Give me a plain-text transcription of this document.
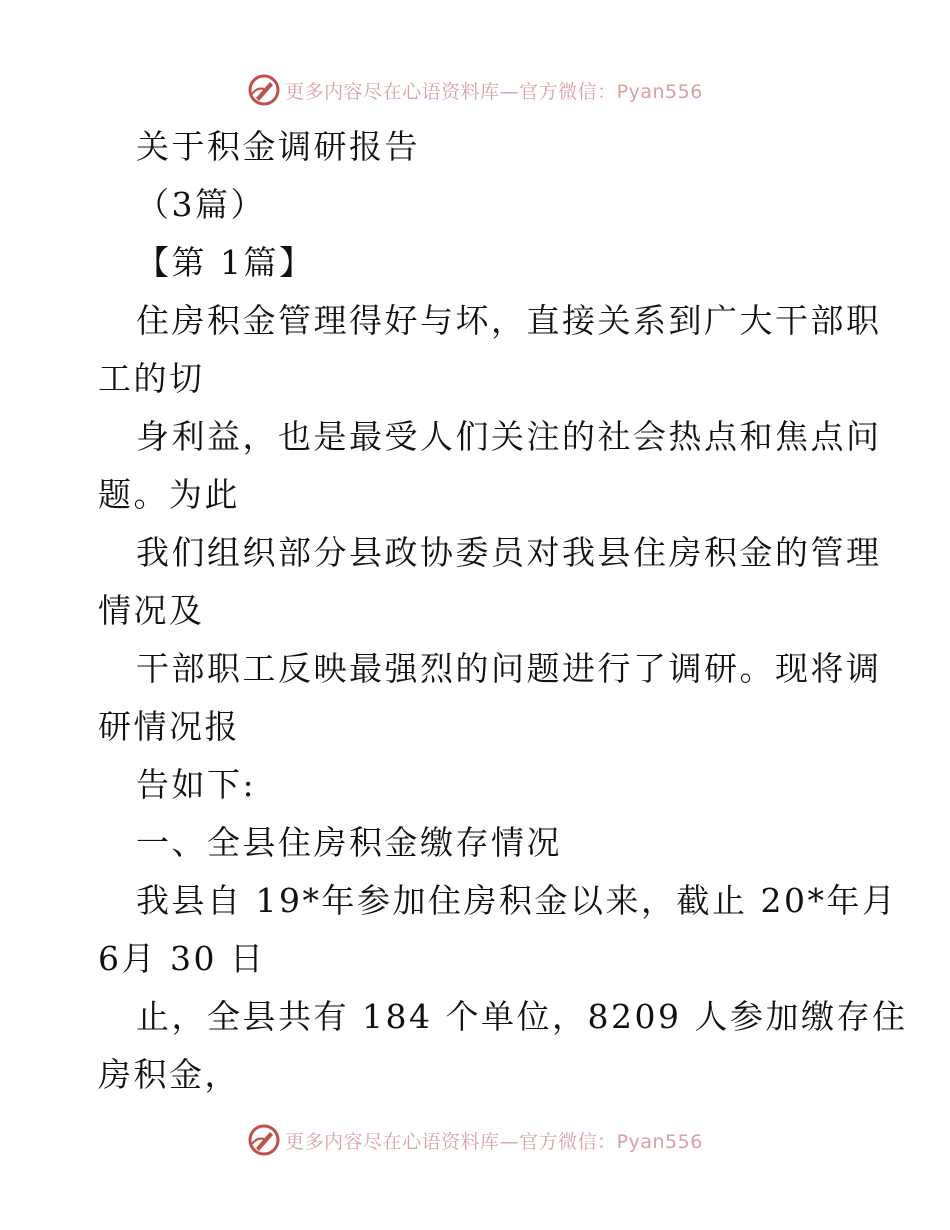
更多内容尽在心语资料库—官方微信：Pyan556
关于积金调研报告
（3篇）
【第 1篇】
住房积金管理得好与坏，直接关系到广大干部职
工的切
身利益，也是最受人们关注的社会热点和焦点问
题。为此
我们组织部分县政协委员对我县住房积金的管理
情况及
干部职工反映最强烈的问题进行了调研。现将调
研情况报
告如下:
一、全县住房积金缴存情况
我县自 19*年参加住房积金以来，截止 20*年月
6月 30 日
止，全县共有 184 个单位，8209 人参加缴存住
房积金，
更多内容尽在心语资料库—官方微信：Pyan556
